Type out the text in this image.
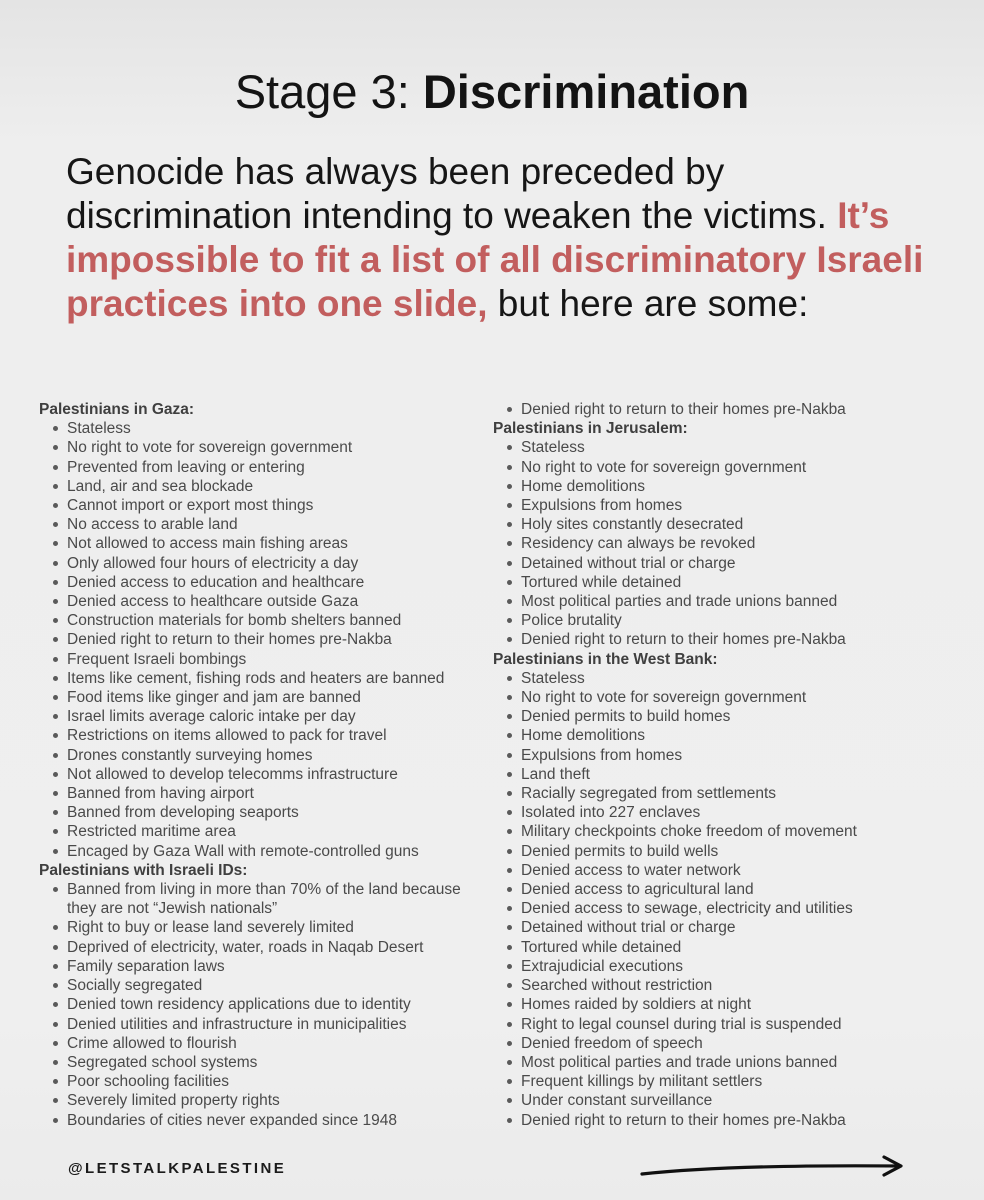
Stage 3: Discrimination

Genocide has always been preceded by discrimination intending to weaken the victims. It’s impossible to fit a list of all discriminatory Israeli practices into one slide, but here are some:

Palestinians in Gaza:
Stateless
No right to vote for sovereign government
Prevented from leaving or entering
Land, air and sea blockade
Cannot import or export most things
No access to arable land
Not allowed to access main fishing areas
Only allowed four hours of electricity a day
Denied access to education and healthcare
Denied access to healthcare outside Gaza
Construction materials for bomb shelters banned
Denied right to return to their homes pre-Nakba
Frequent Israeli bombings
Items like cement, fishing rods and heaters are banned
Food items like ginger and jam are banned
Israel limits average caloric intake per day
Restrictions on items allowed to pack for travel
Drones constantly surveying homes
Not allowed to develop telecomms infrastructure
Banned from having airport
Banned from developing seaports
Restricted maritime area
Encaged by Gaza Wall with remote-controlled guns
Palestinians with Israeli IDs:
Banned from living in more than 70% of the land because they are not “Jewish nationals”
Right to buy or lease land severely limited
Deprived of electricity, water, roads in Naqab Desert
Family separation laws
Socially segregated
Denied town residency applications due to identity
Denied utilities and infrastructure in municipalities
Crime allowed to flourish
Segregated school systems
Poor schooling facilities
Severely limited property rights
Boundaries of cities never expanded since 1948
Denied right to return to their homes pre-Nakba
Palestinians in Jerusalem:
Stateless
No right to vote for sovereign government
Home demolitions
Expulsions from homes
Holy sites constantly desecrated
Residency can always be revoked
Detained without trial or charge
Tortured while detained
Most political parties and trade unions banned
Police brutality
Denied right to return to their homes pre-Nakba
Palestinians in the West Bank:
Stateless
No right to vote for sovereign government
Denied permits to build homes
Home demolitions
Expulsions from homes
Land theft
Racially segregated from settlements
Isolated into 227 enclaves
Military checkpoints choke freedom of movement
Denied permits to build wells
Denied access to water network
Denied access to agricultural land
Denied access to sewage, electricity and utilities
Detained without trial or charge
Tortured while detained
Extrajudicial executions
Searched without restriction
Homes raided by soldiers at night
Right to legal counsel during trial is suspended
Denied freedom of speech
Most political parties and trade unions banned
Frequent killings by militant settlers
Under constant surveillance
Denied right to return to their homes pre-Nakba
@LETSTALKPALESTINE
